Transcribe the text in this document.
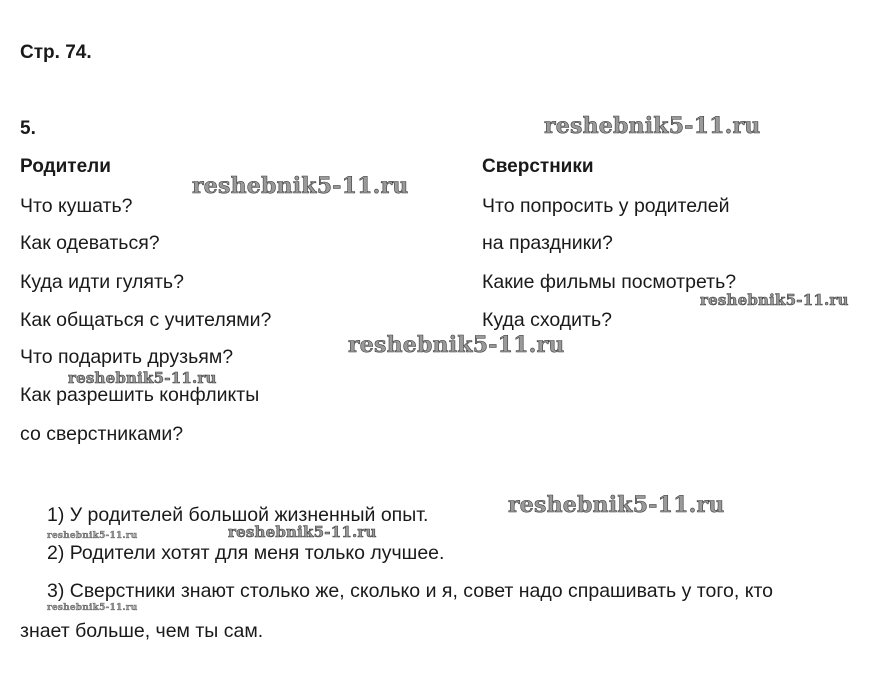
Стр. 74.
5.
Родители
Что кушать?
Как одеваться?
Куда идти гулять?
Как общаться с учителями?
Что подарить друзьям?
Как разрешить конфликты
со сверстниками?
Сверстники
Что попросить у родителей
на праздники?
Какие фильмы посмотреть?
Куда сходить?
1) У родителей большой жизненный опыт.
2) Родители хотят для меня только лучшее.
3) Сверстники знают столько же, сколько и я, совет надо спрашивать у того, кто
знает больше, чем ты сам.
reshebnik5-11.ru
reshebnik5-11.ru
reshebnik5-11.ru
reshebnik5-11.ru
reshebnik5-11.ru
reshebnik5-11.ru
reshebnik5-11.ru	reshebnik5-11.ru
reshebnik5-11.ru
